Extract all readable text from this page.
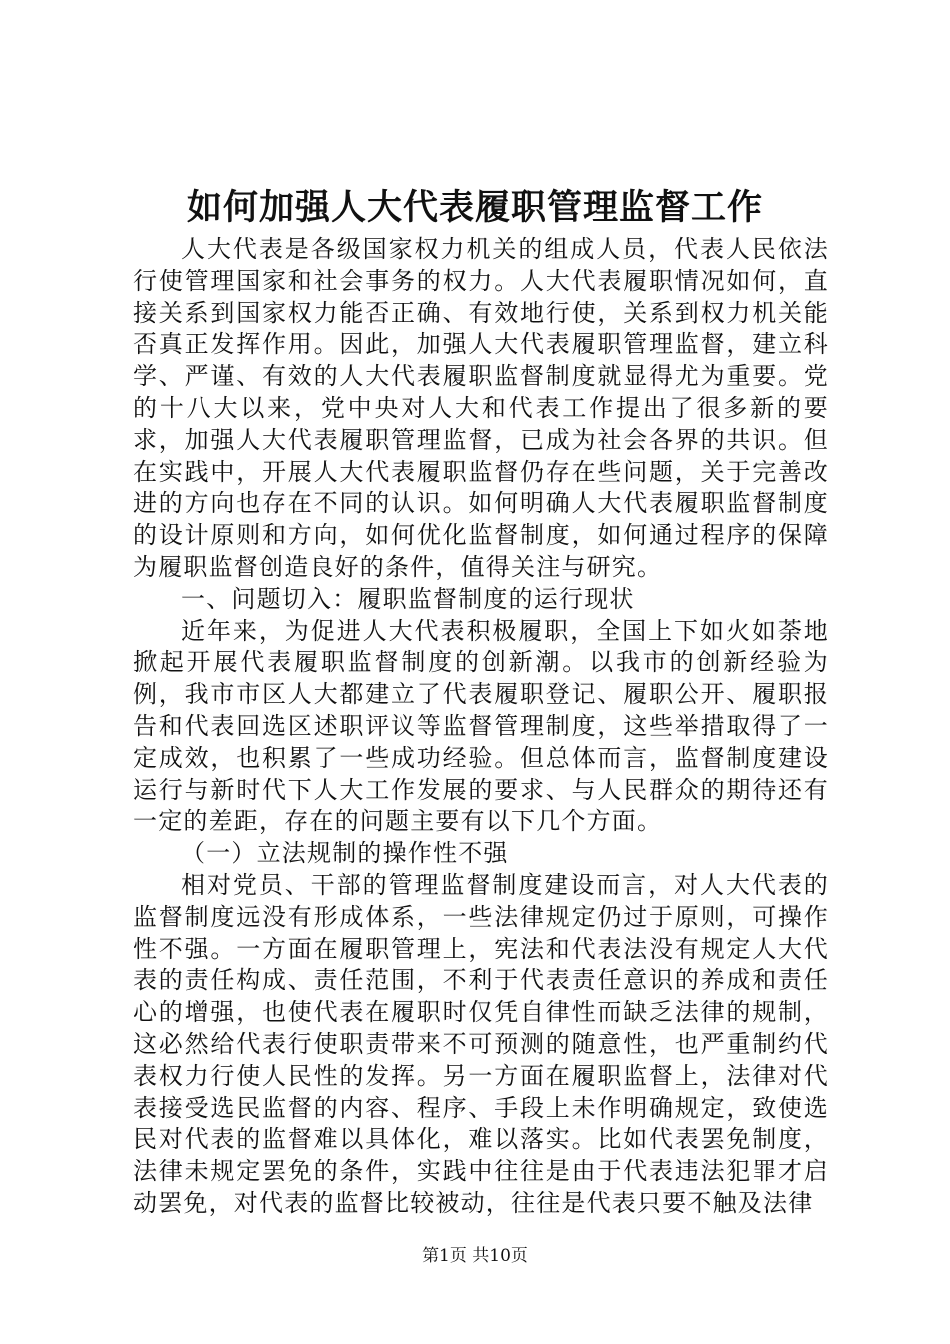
如何加强人大代表履职管理监督工作

人大代表是各级国家权力机关的组成人员，代表人民依法行使管理国家和社会事务的权力。人大代表履职情况如何，直接关系到国家权力能否正确、有效地行使，关系到权力机关能否真正发挥作用。因此，加强人大代表履职管理监督，建立科学、严谨、有效的人大代表履职监督制度就显得尤为重要。党的十八大以来，党中央对人大和代表工作提出了很多新的要求，加强人大代表履职管理监督，已成为社会各界的共识。但在实践中，开展人大代表履职监督仍存在些问题，关于完善改进的方向也存在不同的认识。如何明确人大代表履职监督制度的设计原则和方向，如何优化监督制度，如何通过程序的保障为履职监督创造良好的条件，值得关注与研究。

一、问题切入：履职监督制度的运行现状

近年来，为促进人大代表积极履职，全国上下如火如荼地掀起开展代表履职监督制度的创新潮。以我市的创新经验为例，我市市区人大都建立了代表履职登记、履职公开、履职报告和代表回选区述职评议等监督管理制度，这些举措取得了一定成效，也积累了一些成功经验。但总体而言，监督制度建设运行与新时代下人大工作发展的要求、与人民群众的期待还有一定的差距，存在的问题主要有以下几个方面。

（一）立法规制的操作性不强

相对党员、干部的管理监督制度建设而言，对人大代表的监督制度远没有形成体系，一些法律规定仍过于原则，可操作性不强。一方面在履职管理上，宪法和代表法没有规定人大代表的责任构成、责任范围，不利于代表责任意识的养成和责任心的增强，也使代表在履职时仅凭自律性而缺乏法律的规制，这必然给代表行使职责带来不可预测的随意性，也严重制约代表权力行使人民性的发挥。另一方面在履职监督上，法律对代表接受选民监督的内容、程序、手段上未作明确规定，致使选民对代表的监督难以具体化，难以落实。比如代表罢免制度，法律未规定罢免的条件，实践中往往是由于代表违法犯罪才启动罢免，对代表的监督比较被动，往往是代表只要不触及法律

第1页 共10页
